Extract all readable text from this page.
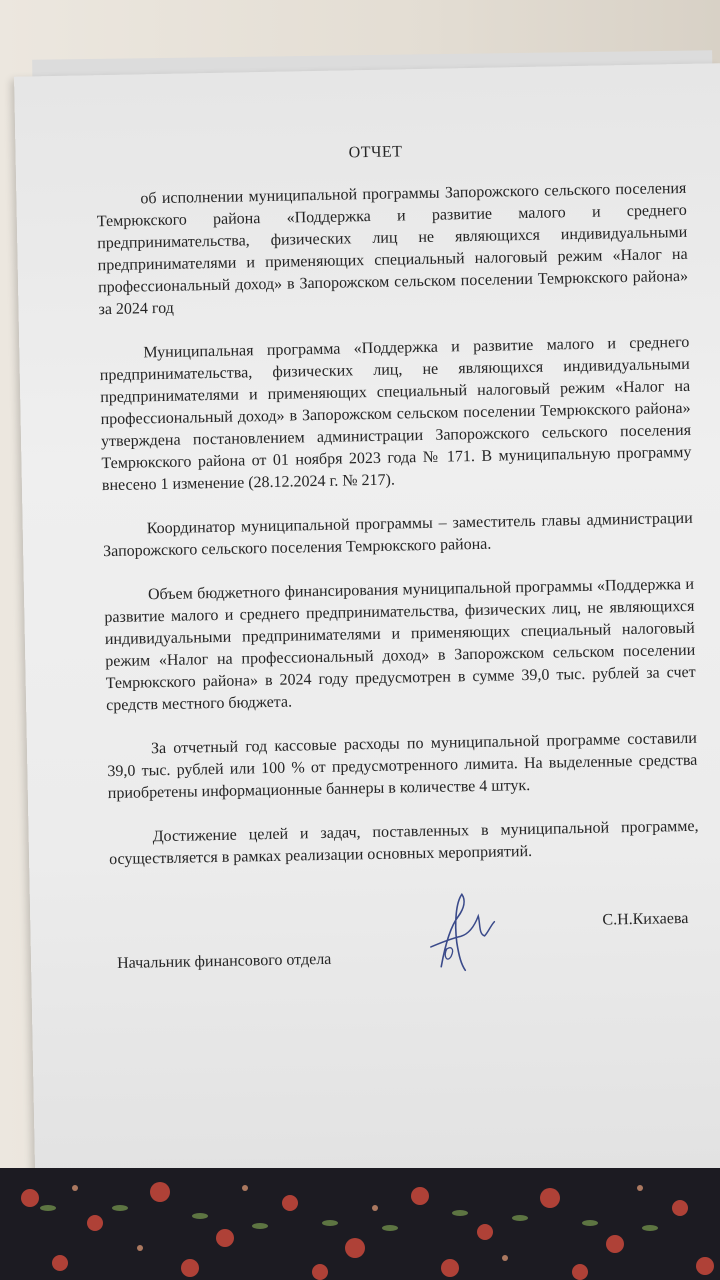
ОТЧЕТ

об исполнении муниципальной программы Запорожского сельского поселения Темрюкского района «Поддержка и развитие малого и среднего предпринимательства, физических лиц не являющихся индивидуальными предпринимателями и применяющих специальный налоговый режим «Налог на профессиональный доход» в Запорожском сельском поселении Темрюкского района» за 2024 год

Муниципальная программа «Поддержка и развитие малого и среднего предпринимательства, физических лиц, не являющихся индивидуальными предпринимателями и применяющих специальный налоговый режим «Налог на профессиональный доход» в Запорожском сельском поселении Темрюкского района» утверждена постановлением администрации Запорожского сельского поселения Темрюкского района от 01 ноября 2023 года № 171. В муниципальную программу внесено 1 изменение (28.12.2024 г. № 217).

Координатор муниципальной программы – заместитель главы администрации Запорожского сельского поселения Темрюкского района.

Объем бюджетного финансирования муниципальной программы «Поддержка и развитие малого и среднего предпринимательства, физических лиц, не являющихся индивидуальными предпринимателями и применяющих специальный налоговый режим «Налог на профессиональный доход» в Запорожском сельском поселении Темрюкского района» в 2024 году предусмотрен в сумме 39,0 тыс. рублей за счет средств местного бюджета.

За отчетный год кассовые расходы по муниципальной программе составили 39,0 тыс. рублей или 100 % от предусмотренного лимита. На выделенные средства приобретены информационные баннеры в количестве 4 штук.

Достижение целей и задач, поставленных в муниципальной программе, осуществляется в рамках реализации основных мероприятий.

Начальник финансового отдела
С.Н.Кихаева
